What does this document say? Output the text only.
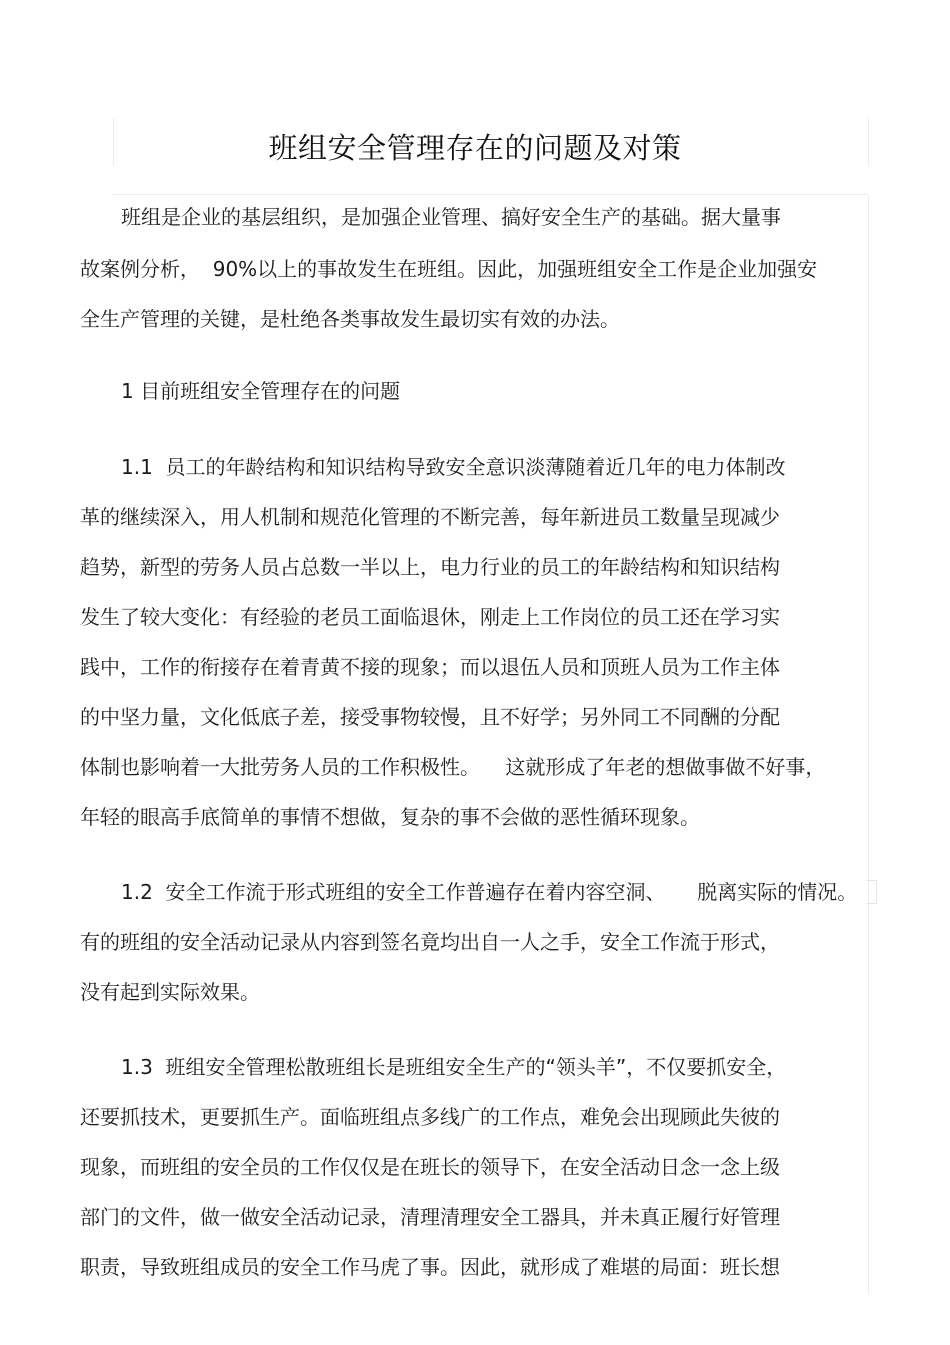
班组安全管理存在的问题及对策
班组是企业的基层组织，是加强企业管理、搞好安全生产的基础。据大量事
故案例分析，  90%以上的事故发生在班组。因此，加强班组安全工作是企业加强安
全生产管理的关键，是杜绝各类事故发生最切实有效的办法。
1 目前班组安全管理存在的问题
1.1  员工的年龄结构和知识结构导致安全意识淡薄随着近几年的电力体制改
革的继续深入，用人机制和规范化管理的不断完善，每年新进员工数量呈现减少
趋势，新型的劳务人员占总数一半以上，电力行业的员工的年龄结构和知识结构
发生了较大变化：有经验的老员工面临退休，刚走上工作岗位的员工还在学习实
践中，工作的衔接存在着青黄不接的现象；而以退伍人员和顶班人员为工作主体
的中坚力量，文化低底子差，接受事物较慢，且不好学；另外同工不同酬的分配
体制也影响着一大批劳务人员的工作积极性。    这就形成了年老的想做事做不好事，
年轻的眼高手底简单的事情不想做，复杂的事不会做的恶性循环现象。
1.2  安全工作流于形式班组的安全工作普遍存在着内容空洞、     脱离实际的情况。
有的班组的安全活动记录从内容到签名竟均出自一人之手，安全工作流于形式，
没有起到实际效果。
1.3  班组安全管理松散班组长是班组安全生产的“领头羊”，不仅要抓安全，
还要抓技术，更要抓生产。面临班组点多线广的工作点，难免会出现顾此失彼的
现象，而班组的安全员的工作仅仅是在班长的领导下，在安全活动日念一念上级
部门的文件，做一做安全活动记录，清理清理安全工器具，并未真正履行好管理
职责，导致班组成员的安全工作马虎了事。因此，就形成了难堪的局面：班长想
